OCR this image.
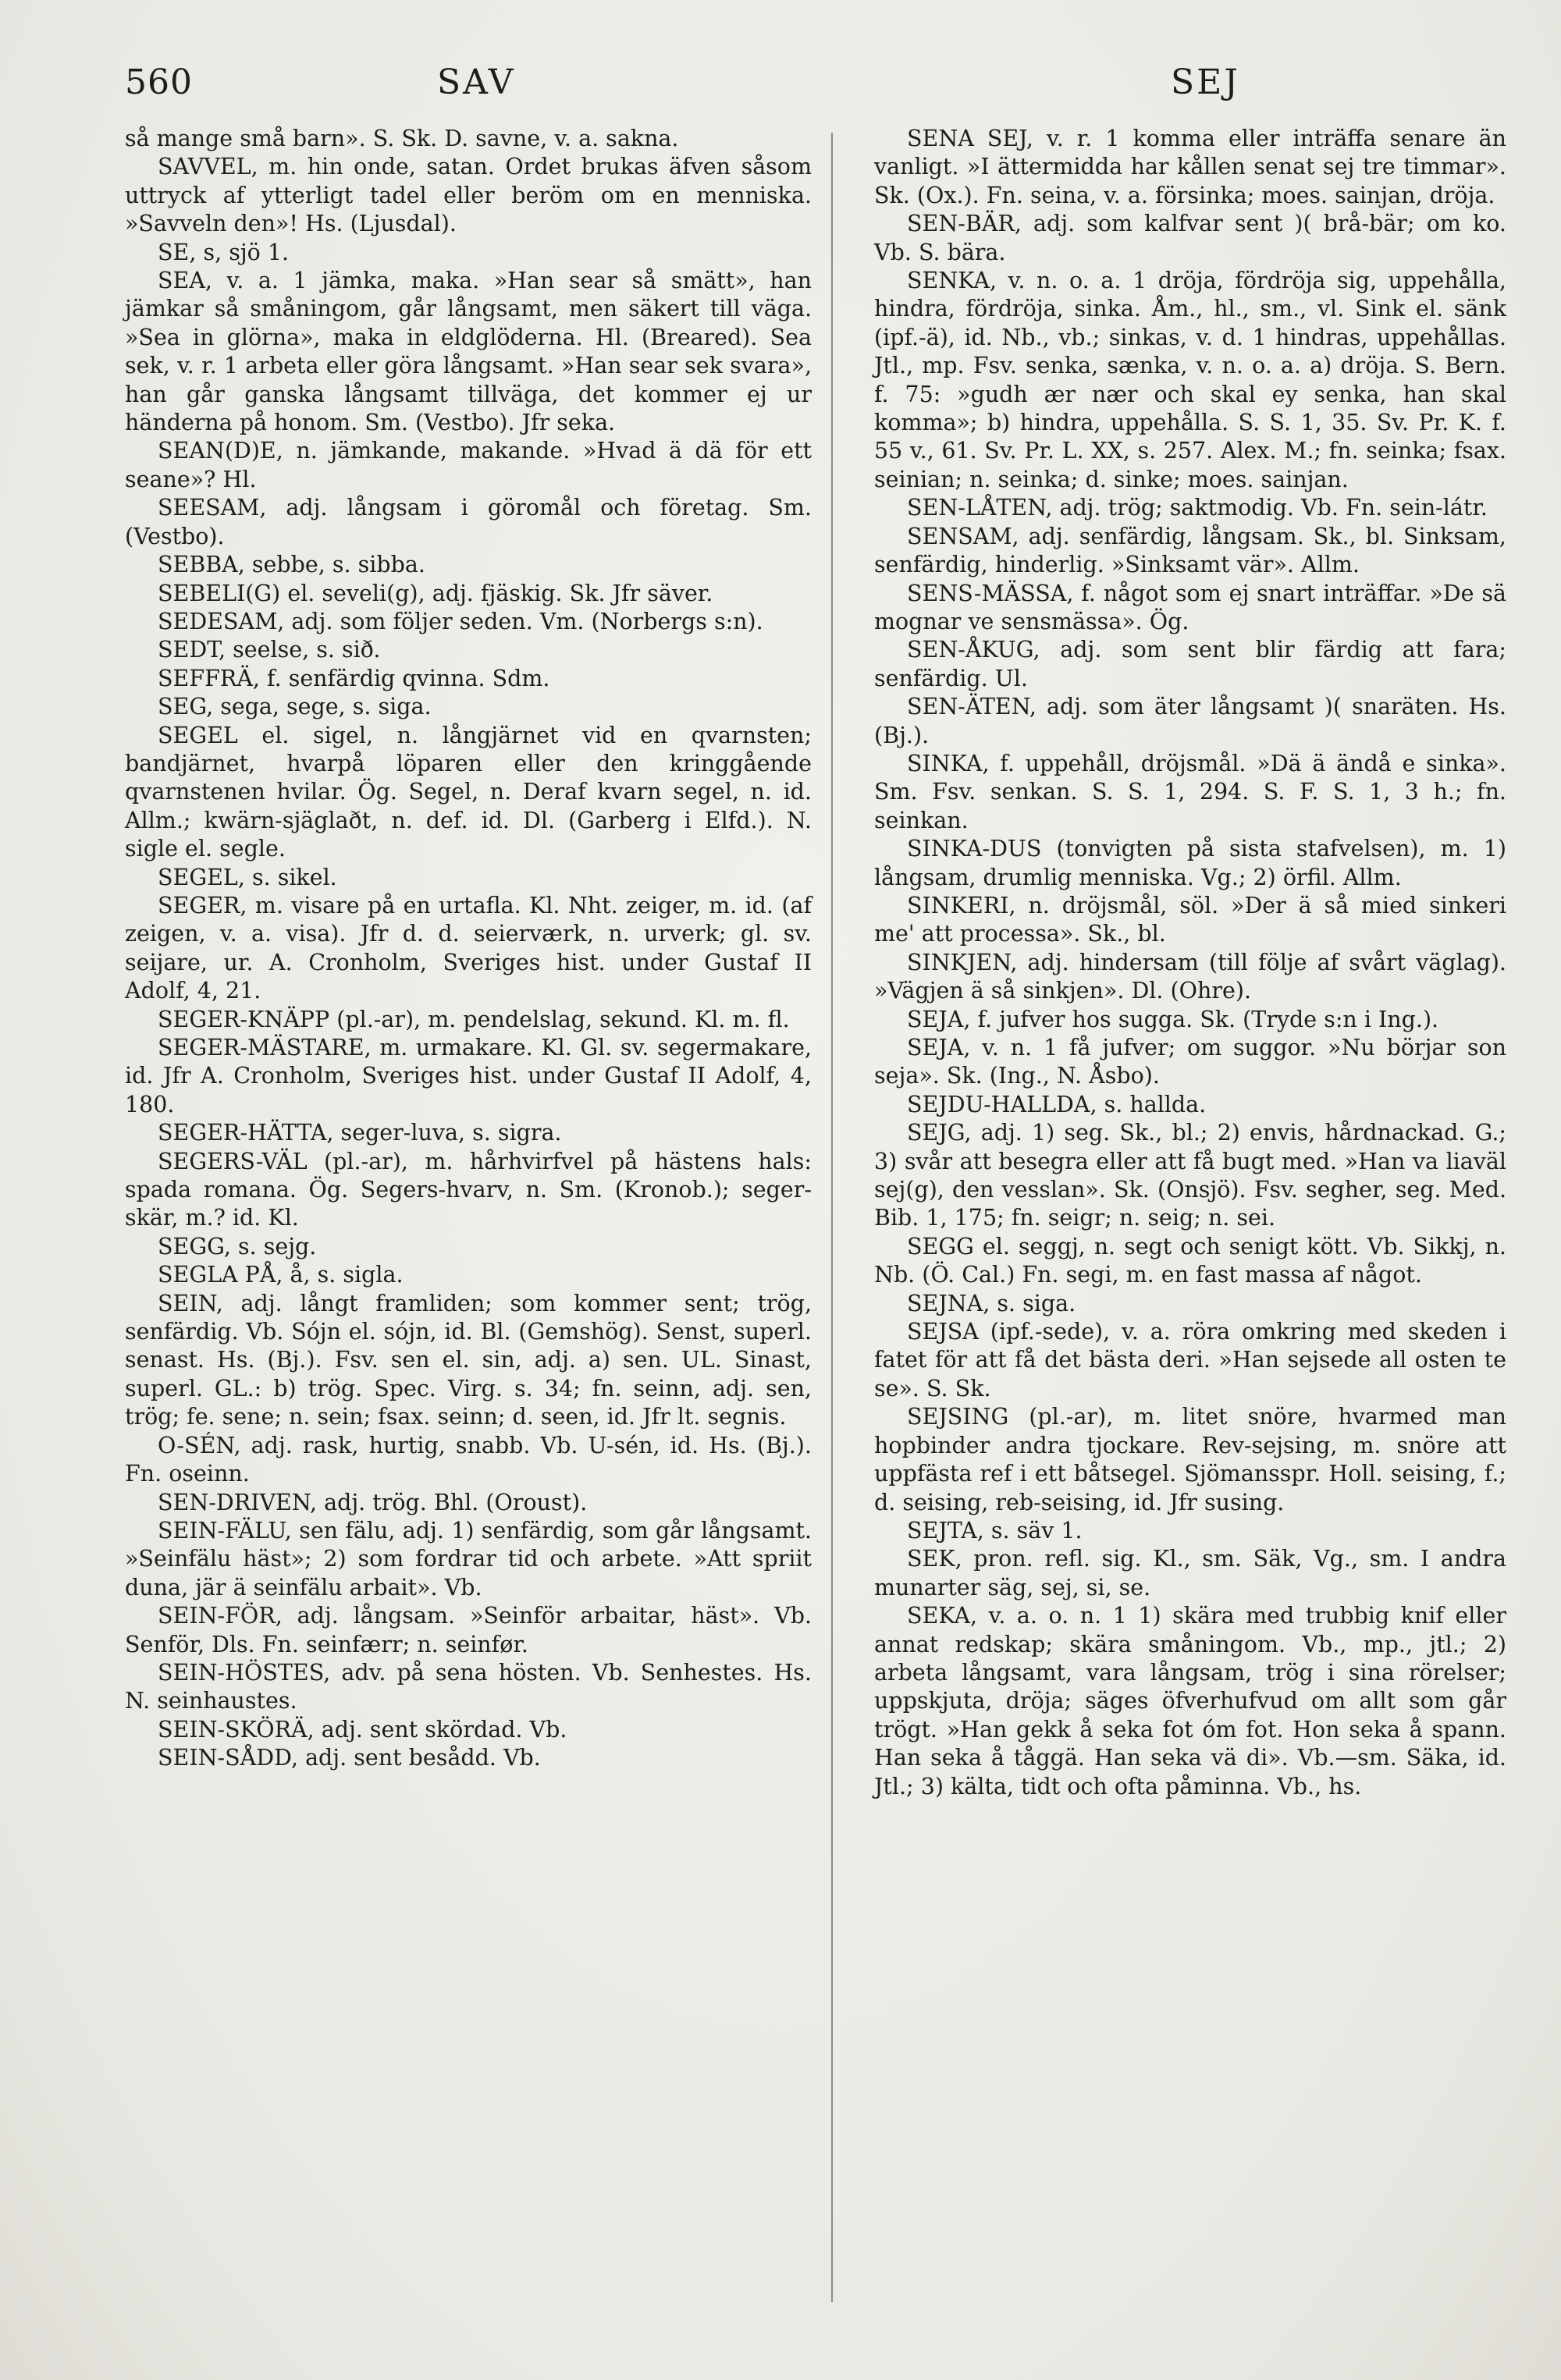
560	SAV	SEJ

så mange små barn». S. Sk. D. savne, v. a. sakna.

SAVVEL, m. hin onde, satan. Ordet brukas äfven såsom uttryck af ytterligt tadel eller beröm om en menniska. »Savveln den»! Hs. (Ljusdal).

SE, s, sjö 1.

SEA, v. a. 1 jämka, maka. »Han sear så smätt», han jämkar så småningom, går långsamt, men säkert till väga. »Sea in glörna», maka in eldglöderna. Hl. (Breared). Sea sek, v. r. 1 arbeta eller göra långsamt. »Han sear sek svara», han går ganska långsamt tillväga, det kommer ej ur händerna på honom. Sm. (Vestbo). Jfr seka.

SEAN(D)E, n. jämkande, makande. »Hvad ä dä för ett seane»? Hl.

SEESAM, adj. långsam i göromål och företag. Sm. (Vestbo).

SEBBA, sebbe, s. sibba.

SEBELI(G) el. seveli(g), adj. fjäskig. Sk. Jfr säver.

SEDESAM, adj. som följer seden. Vm. (Norbergs s:n).

SEDT, seelse, s. sið.

SEFFRÄ, f. senfärdig qvinna. Sdm.

SEG, sega, sege, s. siga.

SEGEL el. sigel, n. långjärnet vid en qvarnsten; bandjärnet, hvarpå löparen eller den kringgående qvarnstenen hvilar. Ög. Segel, n. Deraf kvarn segel, n. id. Allm.; kwärn-sjäglaðt, n. def. id. Dl. (Garberg i Elfd.). N. sigle el. segle.

SEGEL, s. sikel.

SEGER, m. visare på en urtafla. Kl. Nht. zeiger, m. id. (af zeigen, v. a. visa). Jfr d. d. seierværk, n. urverk; gl. sv. seijare, ur. A. Cronholm, Sveriges hist. under Gustaf II Adolf, 4, 21.

SEGER-KNÄPP (pl.-ar), m. pendelslag, sekund. Kl. m. fl.

SEGER-MÄSTARE, m. urmakare. Kl. Gl. sv. segermakare, id. Jfr A. Cronholm, Sveriges hist. under Gustaf II Adolf, 4, 180.

SEGER-HÄTTA, seger-luva, s. sigra.

SEGERS-VÄL (pl.-ar), m. hårhvirfvel på hästens hals: spada romana. Ög. Segers-hvarv, n. Sm. (Kronob.); seger-skär, m.? id. Kl.

SEGG, s. sejg.

SEGLA PÅ, å, s. sigla.

SEIN, adj. långt framliden; som kommer sent; trög, senfärdig. Vb. Sójn el. sójn, id. Bl. (Gemshög). Senst, superl. senast. Hs. (Bj.). Fsv. sen el. sin, adj. a) sen. UL. Sinast, superl. GL.: b) trög. Spec. Virg. s. 34; fn. seinn, adj. sen, trög; fe. sene; n. sein; fsax. seinn; d. seen, id. Jfr lt. segnis.

O-SÉN, adj. rask, hurtig, snabb. Vb. U-sén, id. Hs. (Bj.). Fn. oseinn.

SEN-DRIVEN, adj. trög. Bhl. (Oroust).

SEIN-FÄLU, sen fälu, adj. 1) senfärdig, som går långsamt. »Seinfälu häst»; 2) som fordrar tid och arbete. »Att spriit duna, jär ä seinfälu arbait». Vb.

SEIN-FÖR, adj. långsam. »Seinför arbaitar, häst». Vb. Senför, Dls. Fn. seinfærr; n. seinfør.

SEIN-HÖSTES, adv. på sena hösten. Vb. Senhestes. Hs. N. seinhaustes.

SEIN-SKÖRÄ, adj. sent skördad. Vb.

SEIN-SÅDD, adj. sent besådd. Vb.

SENA SEJ, v. r. 1 komma eller inträffa senare än vanligt. »I ättermidda har kållen senat sej tre timmar». Sk. (Ox.). Fn. seina, v. a. försinka; moes. sainjan, dröja.

SEN-BÄR, adj. som kalfvar sent )( brå-bär; om ko. Vb. S. bära.

SENKA, v. n. o. a. 1 dröja, fördröja sig, uppehålla, hindra, fördröja, sinka. Åm., hl., sm., vl. Sink el. sänk (ipf.-ä), id. Nb., vb.; sinkas, v. d. 1 hindras, uppehållas. Jtl., mp. Fsv. senka, sænka, v. n. o. a. a) dröja. S. Bern. f. 75: »gudh ær nær och skal ey senka, han skal komma»; b) hindra, uppehålla. S. S. 1, 35. Sv. Pr. K. f. 55 v., 61. Sv. Pr. L. XX, s. 257. Alex. M.; fn. seinka; fsax. seinian; n. seinka; d. sinke; moes. sainjan.

SEN-LÅTEN, adj. trög; saktmodig. Vb. Fn. sein-látr.

SENSAM, adj. senfärdig, långsam. Sk., bl. Sinksam, senfärdig, hinderlig. »Sinksamt vär». Allm.

SENS-MÄSSA, f. något som ej snart inträffar. »De sä mognar ve sensmässa». Ög.

SEN-ÅKUG, adj. som sent blir färdig att fara; senfärdig. Ul.

SEN-ÄTEN, adj. som äter långsamt )( snaräten. Hs. (Bj.).

SINKA, f. uppehåll, dröjsmål. »Dä ä ändå e sinka». Sm. Fsv. senkan. S. S. 1, 294. S. F. S. 1, 3 h.; fn. seinkan.

SINKA-DUS (tonvigten på sista stafvelsen), m. 1) långsam, drumlig menniska. Vg.; 2) örfil. Allm.

SINKERI, n. dröjsmål, söl. »Der ä så mied sinkeri me' att processa». Sk., bl.

SINKJEN, adj. hindersam (till följe af svårt väglag). »Vägjen ä så sinkjen». Dl. (Ohre).

SEJA, f. jufver hos sugga. Sk. (Tryde s:n i Ing.).

SEJA, v. n. 1 få jufver; om suggor. »Nu börjar son seja». Sk. (Ing., N. Åsbo).

SEJDU-HALLDA, s. hallda.

SEJG, adj. 1) seg. Sk., bl.; 2) envis, hårdnackad. G.; 3) svår att besegra eller att få bugt med. »Han va liaväl sej(g), den vesslan». Sk. (Onsjö). Fsv. segher, seg. Med. Bib. 1, 175; fn. seigr; n. seig; n. sei.

SEGG el. seggj, n. segt och senigt kött. Vb. Sikkj, n. Nb. (Ö. Cal.) Fn. segi, m. en fast massa af något.

SEJNA, s. siga.

SEJSA (ipf.-sede), v. a. röra omkring med skeden i fatet för att få det bästa deri. »Han sejsede all osten te se». S. Sk.

SEJSING (pl.-ar), m. litet snöre, hvarmed man hopbinder andra tjockare. Rev-sejsing, m. snöre att uppfästa ref i ett båtsegel. Sjömansspr. Holl. seising, f.; d. seising, reb-seising, id. Jfr susing.

SEJTA, s. säv 1.

SEK, pron. refl. sig. Kl., sm. Säk, Vg., sm. I andra munarter säg, sej, si, se.

SEKA, v. a. o. n. 1 1) skära med trubbig knif eller annat redskap; skära småningom. Vb., mp., jtl.; 2) arbeta långsamt, vara långsam, trög i sina rörelser; uppskjuta, dröja; säges öfverhufvud om allt som går trögt. »Han gekk å seka fot óm fot. Hon seka å spann. Han seka å tåggä. Han seka vä di». Vb.—sm. Säka, id. Jtl.; 3) kälta, tidt och ofta påminna. Vb., hs.
